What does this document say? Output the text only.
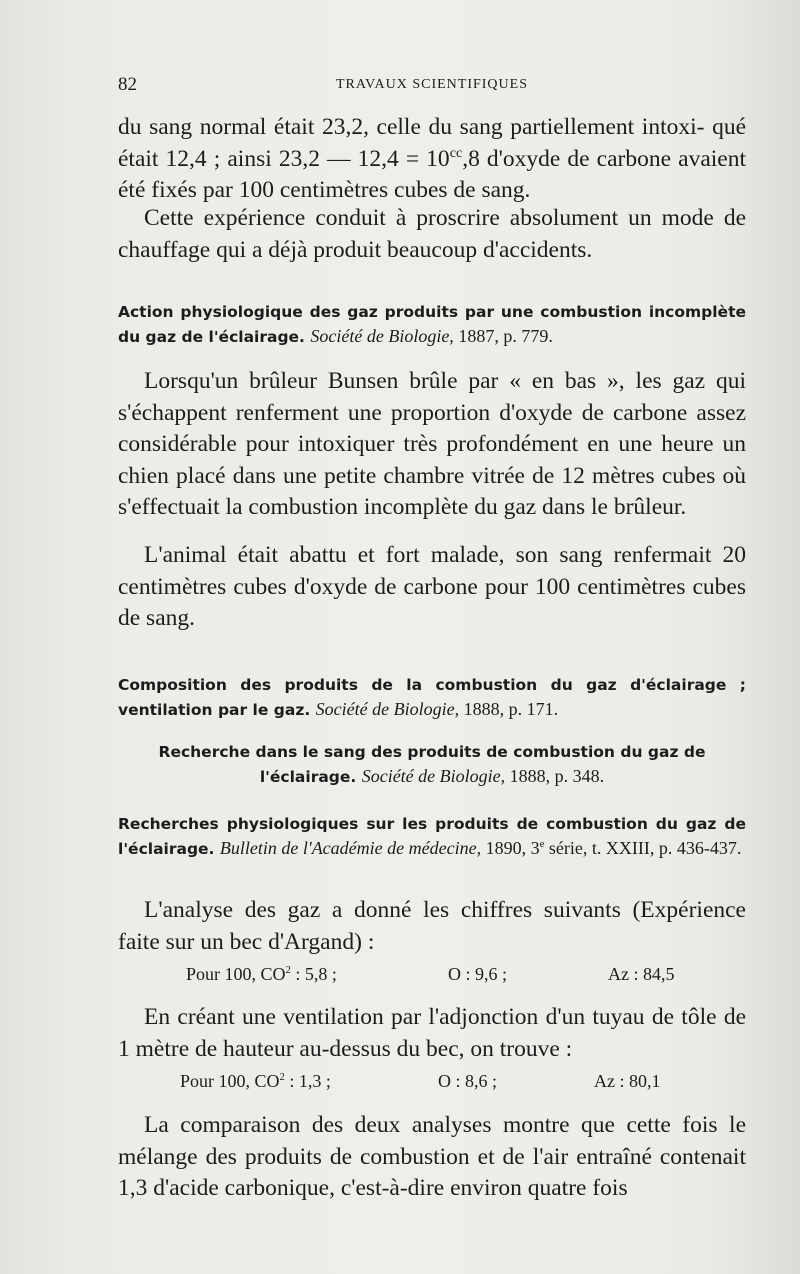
82	TRAVAUX SCIENTIFIQUES

du sang normal était 23,2, celle du sang partiellement intoxi- qué était 12,4 ; ainsi 23,2 — $12,4 = 10^{cc},8$ d'oxyde de carbone avaient été fixés par 100 centimètres cubes de sang.

Cette expérience conduit à proscrire absolument un mode de chauffage qui a déjà produit beaucoup d'accidents.

Action physiologique des gaz produits par une combustion incomplète du gaz de l'éclairage. Société de Biologie, 1887, p. 779.

Lorsqu'un brûleur Bunsen brûle par « en bas », les gaz qui s'échappent renferment une proportion d'oxyde de carbone assez considérable pour intoxiquer très profondément en une heure un chien placé dans une petite chambre vitrée de 12 mètres cubes où s'effectuait la combustion incomplète du gaz dans le brûleur.

L'animal était abattu et fort malade, son sang renfermait 20 centimètres cubes d'oxyde de carbone pour 100 centimètres cubes de sang.

Composition des produits de la combustion du gaz d'éclairage ; ventilation par le gaz. Société de Biologie, 1888, p. 171.
Recherche dans le sang des produits de combustion du gaz de l'éclairage. Société de Biologie, 1888, p. 348.
Recherches physiologiques sur les produits de combustion du gaz de l'éclairage. Bulletin de l'Académie de médecine, 1890, 3e série, t. XXIII, p. 436-437.

L'analyse des gaz a donné les chiffres suivants (Expérience faite sur un bec d'Argand) :

Pour 100, $CO^2$ : 5,8 ;	O : 9,6 ;	Az : 84,5

En créant une ventilation par l'adjonction d'un tuyau de tôle de 1 mètre de hauteur au-dessus du bec, on trouve :

Pour 100, $CO^2$ : 1,3 ;	O : 8,6 ;	Az : 80,1

La comparaison des deux analyses montre que cette fois le mélange des produits de combustion et de l'air entraîné contenait 1,3 d'acide carbonique, c'est-à-dire environ quatre fois
